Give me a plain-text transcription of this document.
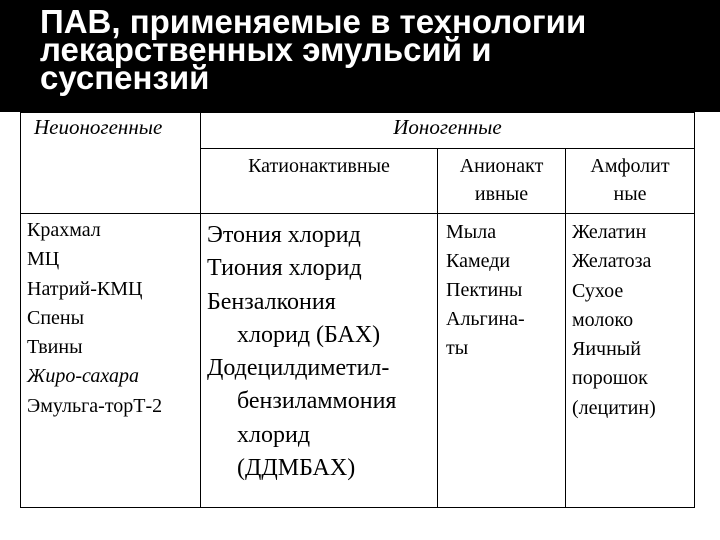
ПАВ, применяемые в технологии
лекарственных эмульсий и
суспензий
Неионогенные	Ионогенные
Катионактивные	Анионакт
ивные
Амфолит
ные
Крахмал
МЦ
Натрий-КМЦ
Спены
Твины
Жиро-сахара
Эмульга-торТ-2
Этония хлорид
Тиония хлорид
Бензалкония
хлорид (БАХ)
Додецилдиметил-
бензиламмония
хлорид
(ДДМБАХ)
Мыла
Камеди
Пектины
Альгина-
ты
Желатин
Желатоза
Сухое
молоко
Яичный
порошок
(лецитин)
